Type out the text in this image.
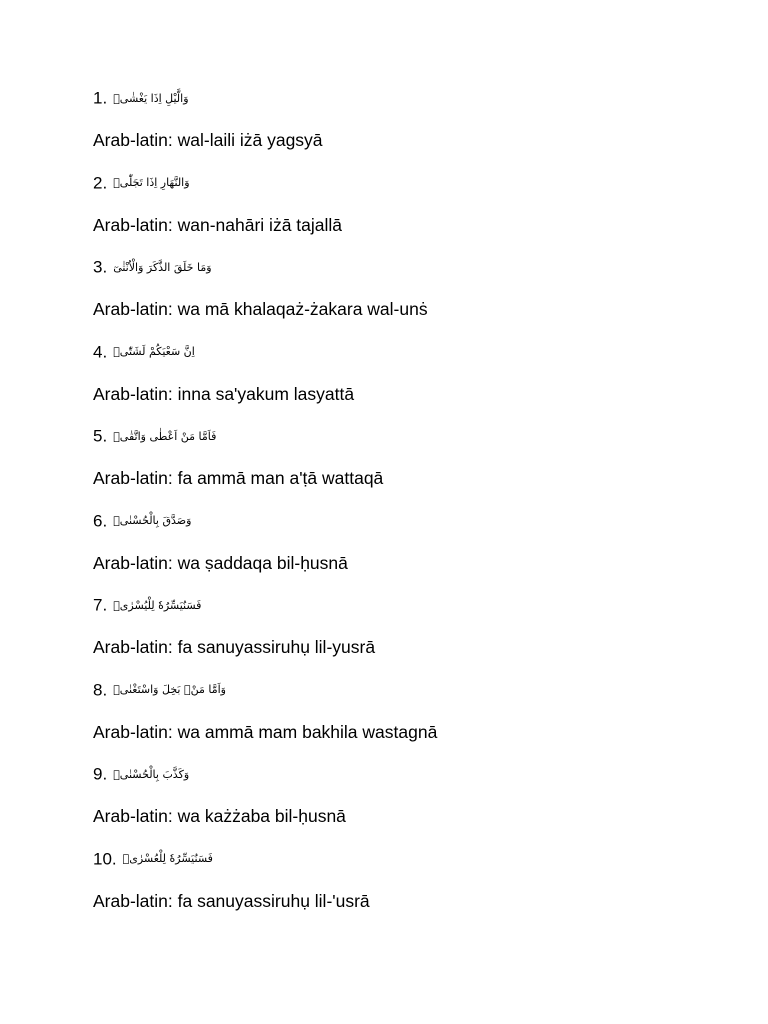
1. وَالَّيْلِ اِذَا يَغْشٰىۙ
Arab-latin: wal-laili iżā yagsyā
2. وَالنَّهَارِ اِذَا تَجَلّٰىۙ
Arab-latin: wan-nahāri iżā tajallā
3. وَمَا خَلَقَ الذَّكَرَ وَالْاُنْثٰىٓ
Arab-latin: wa mā khalaqaż-żakara wal-unṡ
4. اِنَّ سَعْيَكُمْ لَشَتّٰىۗ
Arab-latin: inna sa'yakum lasyattā
5. فَاَمَّا مَنْ اَعْطٰى وَاتَّقٰىۙ
Arab-latin: fa ammā man a'ṭā wattaqā
6. وَصَدَّقَ بِالْحُسْنٰىۙ
Arab-latin: wa ṣaddaqa bil-ḥusnā
7. فَسَنُيَسِّرُهٗ لِلْيُسْرٰىۗ
Arab-latin: fa sanuyassiruhụ lil-yusrā
8. وَاَمَّا مَنْۢ بَخِلَ وَاسْتَغْنٰىۙ
Arab-latin: wa ammā mam bakhila wastagnā
9. وَكَذَّبَ بِالْحُسْنٰىۙ
Arab-latin: wa każżaba bil-ḥusnā
10. فَسَنُيَسِّرُهٗ لِلْعُسْرٰىۗ
Arab-latin: fa sanuyassiruhụ lil-'usrā
